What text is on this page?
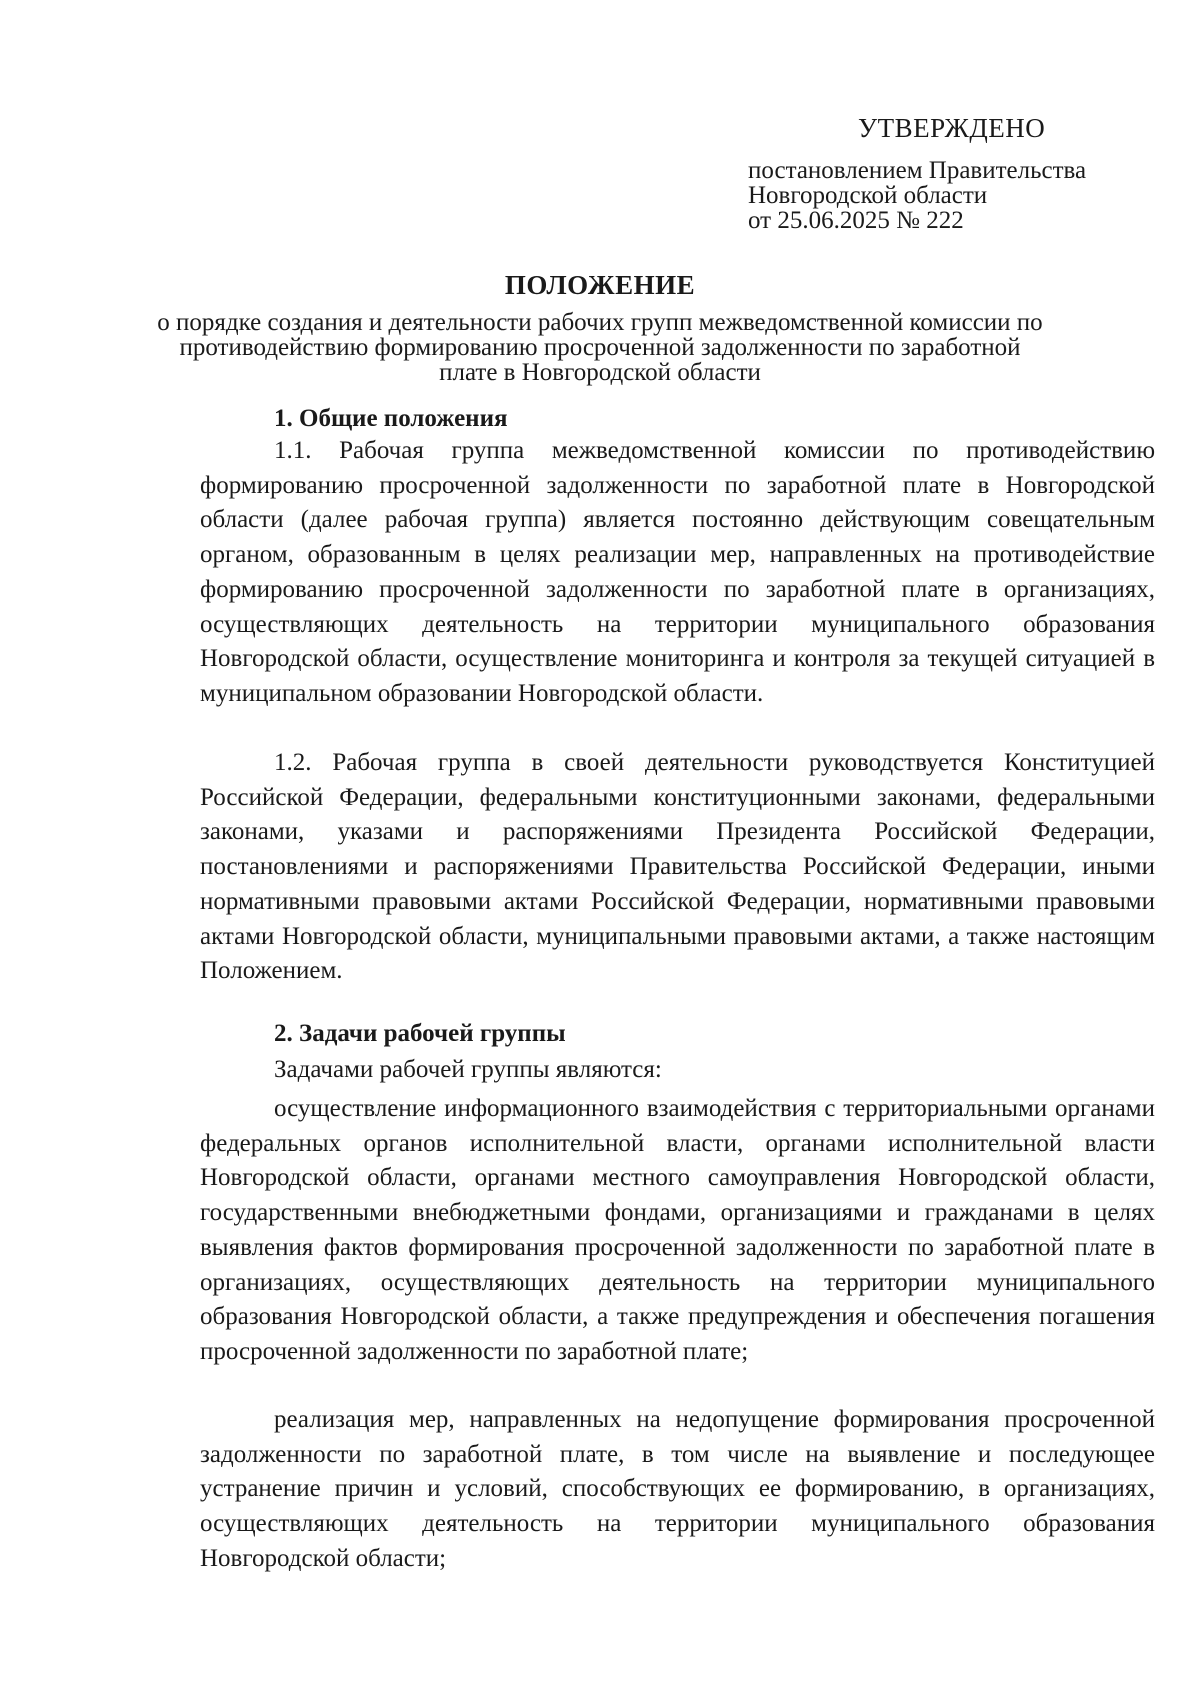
УТВЕРЖДЕНО
постановлением Правительства
Новгородской области
от 25.06.2025 № 222
ПОЛОЖЕНИЕ
о порядке создания и деятельности рабочих групп межведомственной комиссии по противодействию формированию просроченной задолженности по заработной плате в Новгородской области
1. Общие положения

1.1. Рабочая группа межведомственной комиссии по противодействию формированию просроченной задолженности по заработной плате в Новгородской области (далее рабочая группа) является постоянно действующим совещательным органом, образованным в целях реализации мер, направленных на противодействие формированию просроченной задолженности по заработной плате в организациях, осуществляющих деятельность на территории муниципального образования Новгородской области, осуществление мониторинга и контроля за текущей ситуацией в муниципальном образовании Новгородской области.

1.2. Рабочая группа в своей деятельности руководствуется Конституцией Российской Федерации, федеральными конституционными законами, федеральными законами, указами и распоряжениями Президента Российской Федерации, постановлениями и распоряжениями Правительства Российской Федерации, иными нормативными правовыми актами Российской Федерации, нормативными правовыми актами Новгородской области, муниципальными правовыми актами, а также настоящим Положением.

2. Задачи рабочей группы

Задачами рабочей группы являются:

осуществление информационного взаимодействия с территориальными органами федеральных органов исполнительной власти, органами исполнительной власти Новгородской области, органами местного самоуправления Новгородской области, государственными внебюджетными фондами, организациями и гражданами в целях выявления фактов формирования просроченной задолженности по заработной плате в организациях, осуществляющих деятельность на территории муниципального образования Новгородской области, а также предупреждения и обеспечения погашения просроченной задолженности по заработной плате;

реализация мер, направленных на недопущение формирования просроченной задолженности по заработной плате, в том числе на выявление и последующее устранение причин и условий, способствующих ее формированию, в организациях, осуществляющих деятельность на территории муниципального образования Новгородской области;
